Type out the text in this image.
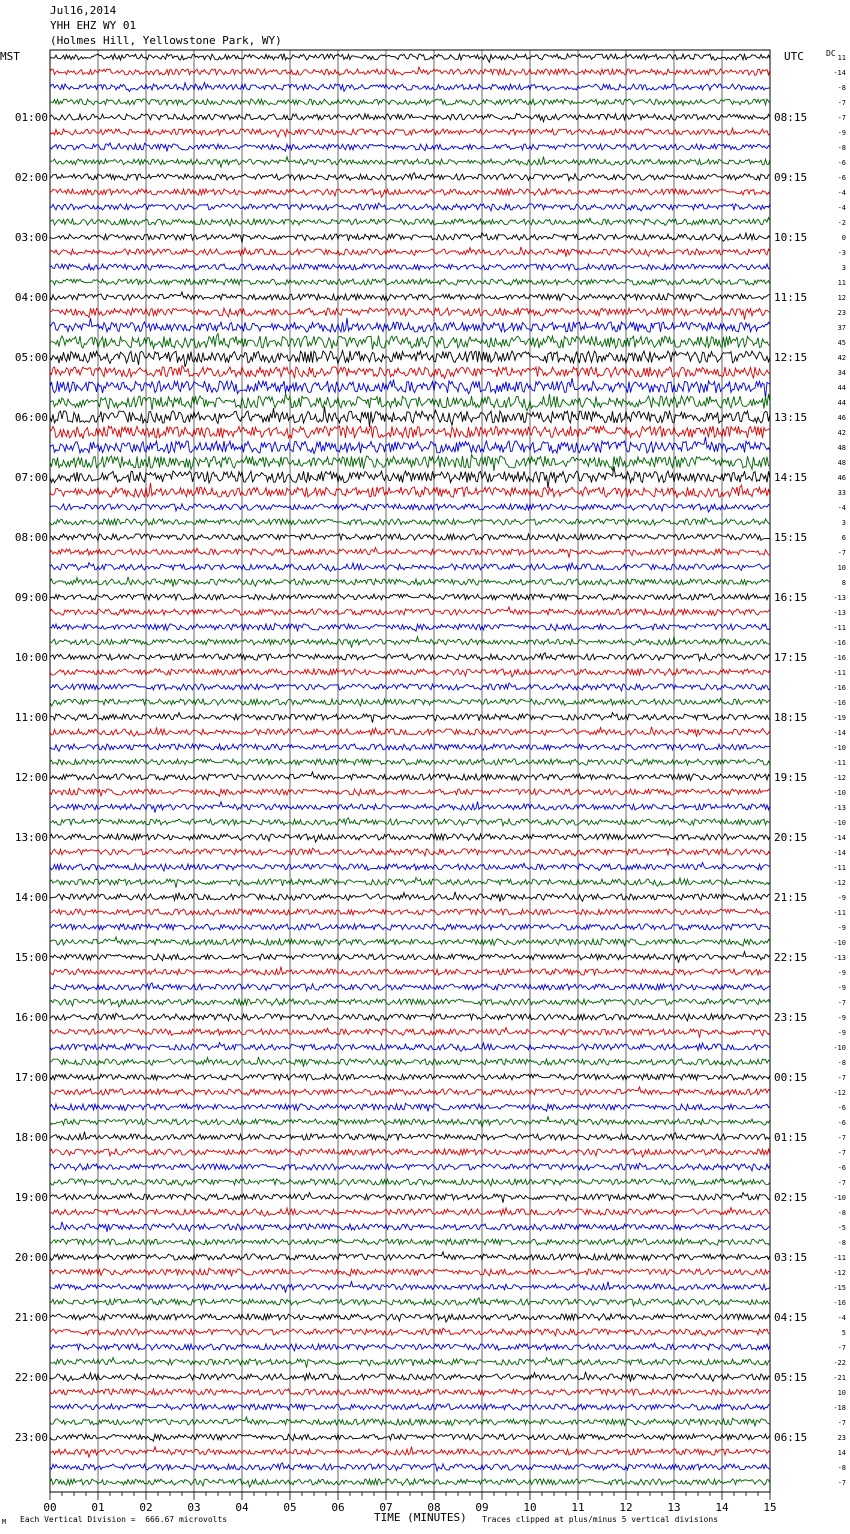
Jul16,2014
YHH EHZ WY 01
(Holmes Hill, Yellowstone Park, WY)
MST	UTC	DC 11
-14
-8
-7
-7
-9
-8
-6
-6
-4
-4
-2
0
-3
3
11
12
23
37
45
42
34
44
44
46
42
48
48
46
33
-4
3
6
-7
10
8
-13
-13
-11
-16
-16
-11
-16
-16
-19
-14
-10
-11
-12
-10
-13
-10
-14
-14
-11
-12
-9
-11
-9
-10
-13
-9
-9
-7
-9
-9
-10
-8
-7
-12
-6
-6
-7
-7
-6
-7
-10
-8
-5
-8
-11
-12
-15
-16
-4
5
-7
-22
-21
10
-18
-7
23
14
-8
-7
01:00
02:00
03:00
04:00
05:00
06:00
07:00
08:00
09:00
10:00
11:00
12:00
13:00
14:00
15:00
16:00
17:00
18:00
19:00
20:00
21:00
22:00
23:00
08:15
09:15
10:15
11:15
12:15
13:15
14:15
15:15
16:15
17:15
18:15
19:15
20:15
21:15
22:15
23:15
00:15
01:15
02:15
03:15
04:15
05:15
06:15
00	01	02	03	04	05	06	07	08	09	10	11	12	13	14	15
M Each Vertical Division =  666.67 microvolts	TIME (MINUTES) Traces clipped at plus/minus 5 vertical divisions
